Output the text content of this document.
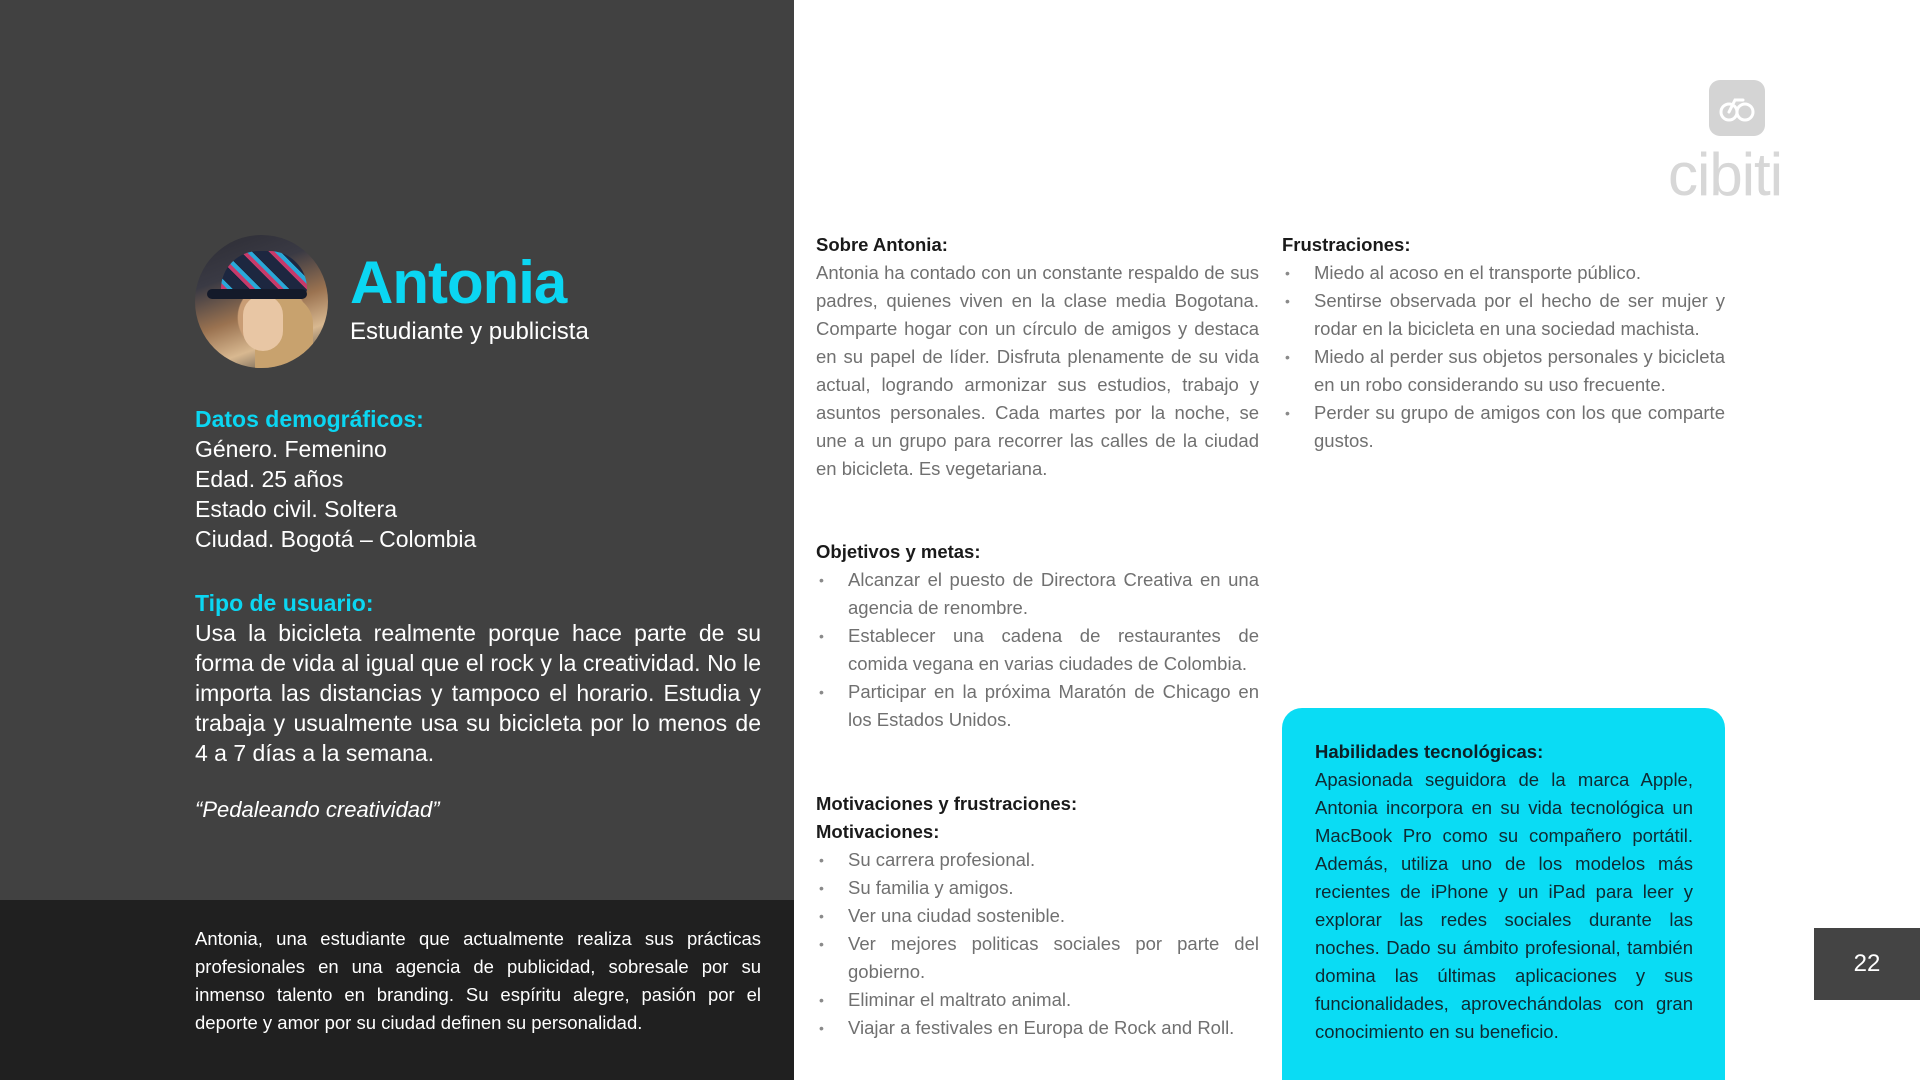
Antonia
Estudiante y publicista
Datos demográficos:
Género. Femenino
Edad. 25 años
Estado civil. Soltera
Ciudad. Bogotá – Colombia
Tipo de usuario:
Usa la bicicleta realmente porque hace parte de su forma de vida al igual que el rock y la creatividad. No le importa las distancias y tampoco el horario. Estudia y trabaja y usualmente usa su bicicleta por lo menos de 4 a 7 días a la semana.
“Pedaleando creatividad”
Antonia, una estudiante que actualmente realiza sus prácticas profesionales en una agencia de publicidad, sobresale por su inmenso talento en branding. Su espíritu alegre, pasión por el deporte y amor por su ciudad definen su personalidad.
cibiti
Sobre Antonia:
Antonia ha contado con un constante respaldo de sus padres, quienes viven en la clase media Bogotana. Comparte hogar con un círculo de amigos y destaca en su papel de líder. Disfruta plenamente de su vida actual, logrando armonizar sus estudios, trabajo y asuntos personales. Cada martes por la noche, se une a un grupo para recorrer las calles de la ciudad en bicicleta. Es vegetariana.
Objetivos y metas:
• Alcanzar el puesto de Directora Creativa en una agencia de renombre.
• Establecer una cadena de restaurantes de comida vegana en varias ciudades de Colombia.
• Participar en la próxima Maratón de Chicago en los Estados Unidos.
Motivaciones y frustraciones:
Motivaciones:
• Su carrera profesional.
• Su familia y amigos.
• Ver una ciudad sostenible.
• Ver mejores politicas sociales por parte del gobierno.
• Eliminar el maltrato animal.
• Viajar a festivales en Europa de Rock and Roll.
Frustraciones:
• Miedo al acoso en el transporte público.
• Sentirse observada por el hecho de ser mujer y rodar en la bicicleta en una sociedad machista.
• Miedo al perder sus objetos personales y bicicleta en un robo considerando su uso frecuente.
• Perder su grupo de amigos con los que comparte gustos.
Habilidades tecnológicas:
Apasionada seguidora de la marca Apple, Antonia incorpora en su vida tecnológica un MacBook Pro como su compañero portátil. Además, utiliza uno de los modelos más recientes de iPhone y un iPad para leer y explorar las redes sociales durante las noches. Dado su ámbito profesional, también domina las últimas aplicaciones y sus funcionalidades, aprovechándolas con gran conocimiento en su beneficio.
22
